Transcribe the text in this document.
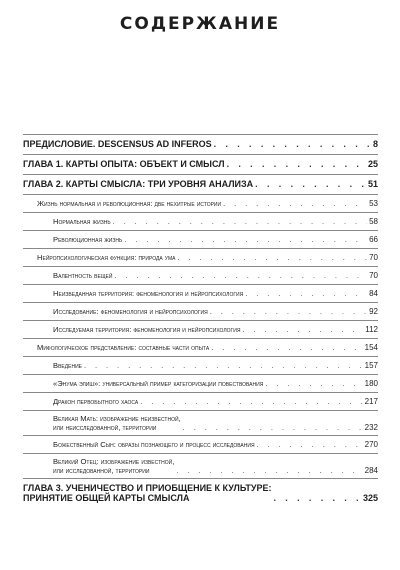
СОДЕРЖАНИЕ
ПРЕДИСЛОВИЕ. DESCENSUS AD INFEROS . . .	8
ГЛАВА 1. КАРТЫ ОПЫТА: ОБЪЕКТ И СМЫСЛ . . .	25
ГЛАВА 2. КАРТЫ СМЫСЛА: ТРИ УРОВНЯ АНАЛИЗА . . .	51
Жизнь нормальная и революционная: две нехитрые истории . . .	53
Нормальная жизнь . . .	58
Революционная жизнь . . .	66
Нейропсихологическая функция: природа ума . . .	70
Валентность вещей . . .	70
Неизведанная территория: феноменология и нейропсихология . . .	84
Исследование: феноменология и нейропсихология . . .	92
Исследуемая территория: феноменология и нейропсихология . . .	112
Мифологическое представление: составные части опыта . . .	154
Введение . . .	157
«Энума элиш»: универсальный пример категоризации повествования . . .	180
Дракон первобытного хаоса . . .	217
Великая Мать: изображение неизвестной,
или неисследованной, территории . . .	232
Божественный Сын: образы познающего и процесс исследования . . .	270
Великий Отец: изображение известной,
или исследованной, территории . . .	284
ГЛАВА 3. УЧЕНИЧЕСТВО И ПРИОБЩЕНИЕ К КУЛЬТУРЕ:
ПРИНЯТИЕ ОБЩЕЙ КАРТЫ СМЫСЛА . . .	325
